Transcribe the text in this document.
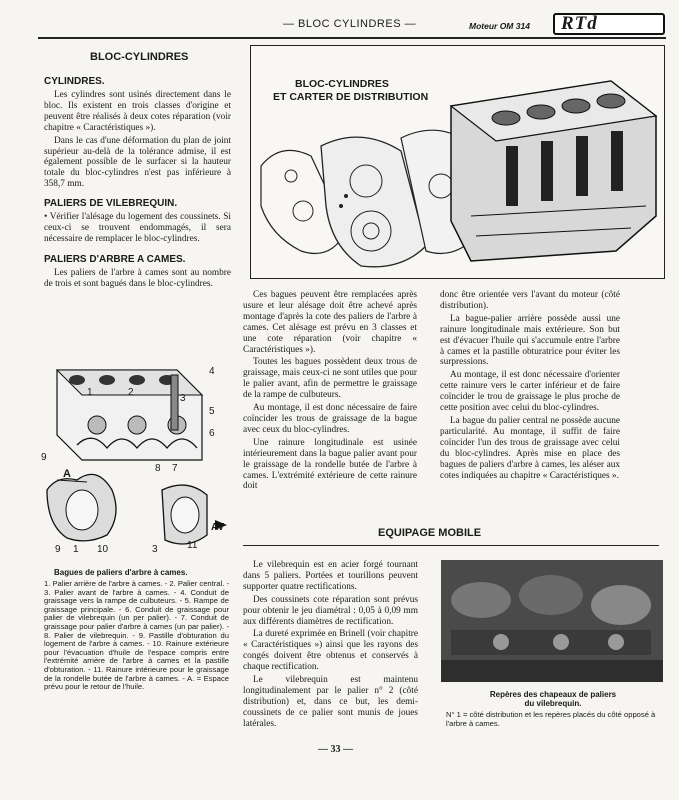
— BLOC CYLINDRES —	Moteur OM 314 RTd
BLOC-CYLINDRES
CYLINDRES.

Les cylindres sont usinés directement dans le bloc. Ils existent en trois classes d'origine et peuvent être réalisés à deux cotes réparation (voir chapitre « Caractéristiques »).

Dans le cas d'une déformation du plan de joint supérieur au-delà de la tolérance admise, il est également possible de le surfacer si la hauteur totale du bloc-cylindres n'est pas inférieure à 358,7 mm.

PALIERS DE VILEBREQUIN.

• Vérifier l'alésage du logement des coussinets. Si ceux-ci se trouvent endommagés, il sera nécessaire de remplacer le bloc-cylindres.

PALIERS D'ARBRE A CAMES.

Les paliers de l'arbre à cames sont au nombre de trois et sont bagués dans le bloc-cylindres.

BLOC-CYLINDRES
ET CARTER DE DISTRIBUTION
1	2
3
4
5
6
7
8
9
9 1 10	3	11
A
AV
Bagues de paliers d'arbre à cames.
1. Palier arrière de l'arbre à cames. - 2. Palier central. - 3. Palier avant de l'arbre à cames. - 4. Conduit de graissage vers la rampe de culbuteurs. - 5. Rampe de graissage principale. - 6. Conduit de graissage pour palier de vilebrequin (un per palier). - 7. Conduit de graissage pour palier d'arbre à cames (un par palier). - 8. Palier de vilebrequin. - 9. Pastille d'obturation du logement de l'arbre à cames. - 10. Rainure extérieure pour l'évacuation d'huile de l'espace compris entre l'extrémité arrière de l'arbre à cames et la pastille d'obturation. - 11. Rainure intérieure pour le graissage de la rondelle butée de l'arbre à cames. - A. = Espace prévu pour le retour de l'huile.

Ces bagues peuvent être remplacées après usure et leur alésage doit être achevé après montage d'après la cote des paliers de l'arbre à cames. Cet alésage est prévu en 3 classes et une cote réparation (voir chapitre « Caractéristiques »).

Toutes les bagues possèdent deux trous de graissage, mais ceux-ci ne sont utiles que pour le palier avant, afin de permettre le graissage de la rampe de culbuteurs.

Au montage, il est donc nécessaire de faire coïncider les trous de graissage de la bague avec ceux du bloc-cylindres.

Une rainure longitudinale est usinée intérieurement dans la bague palier avant pour le graissage de la rondelle butée de l'arbre à cames. L'extrémité extérieure de cette rainure doit

donc être orientée vers l'avant du moteur (côté distribution).

La bague-palier arrière possède aussi une rainure longitudinale mais extérieure. Son but est d'évacuer l'huile qui s'accumule entre l'arbre à cames et la pastille obturatrice pour éviter les surpressions.

Au montage, il est donc nécessaire d'orienter cette rainure vers le carter inférieur et de faire coïncider le trou de graissage le plus proche de cette position avec celui du bloc-cylindres.

La bague du palier central ne possède aucune particularité. Au montage, il suffit de faire coïncider l'un des trous de graissage avec celui du bloc-cylindres. Après mise en place des bagues de paliers d'arbre à cames, les aléser aux cotes indiquées au chapitre « Caractéristiques ».

EQUIPAGE MOBILE

Le vilebrequin est en acier forgé tournant dans 5 paliers. Portées et tourillons peuvent supporter quatre rectifications.

Des coussinets cote réparation sont prévus pour obtenir le jeu diamétral : 0,05 à 0,09 mm aux différents diamètres de rectification.

La dureté exprimée en Brinell (voir chapitre « Caractéristiques ») ainsi que les rayons des congés doivent être obtenus et conservés à chaque rectification.

Le vilebrequin est maintenu longitudinalement par le palier n° 2 (côté distribution) et, dans ce but, les demi-coussinets de ce palier sont munis de joues latérales.

Repères des chapeaux de paliers
du vilebrequin.
N° 1 = côté distribution et les repères placés du côté opposé à l'arbre à cames.
— 33 —
